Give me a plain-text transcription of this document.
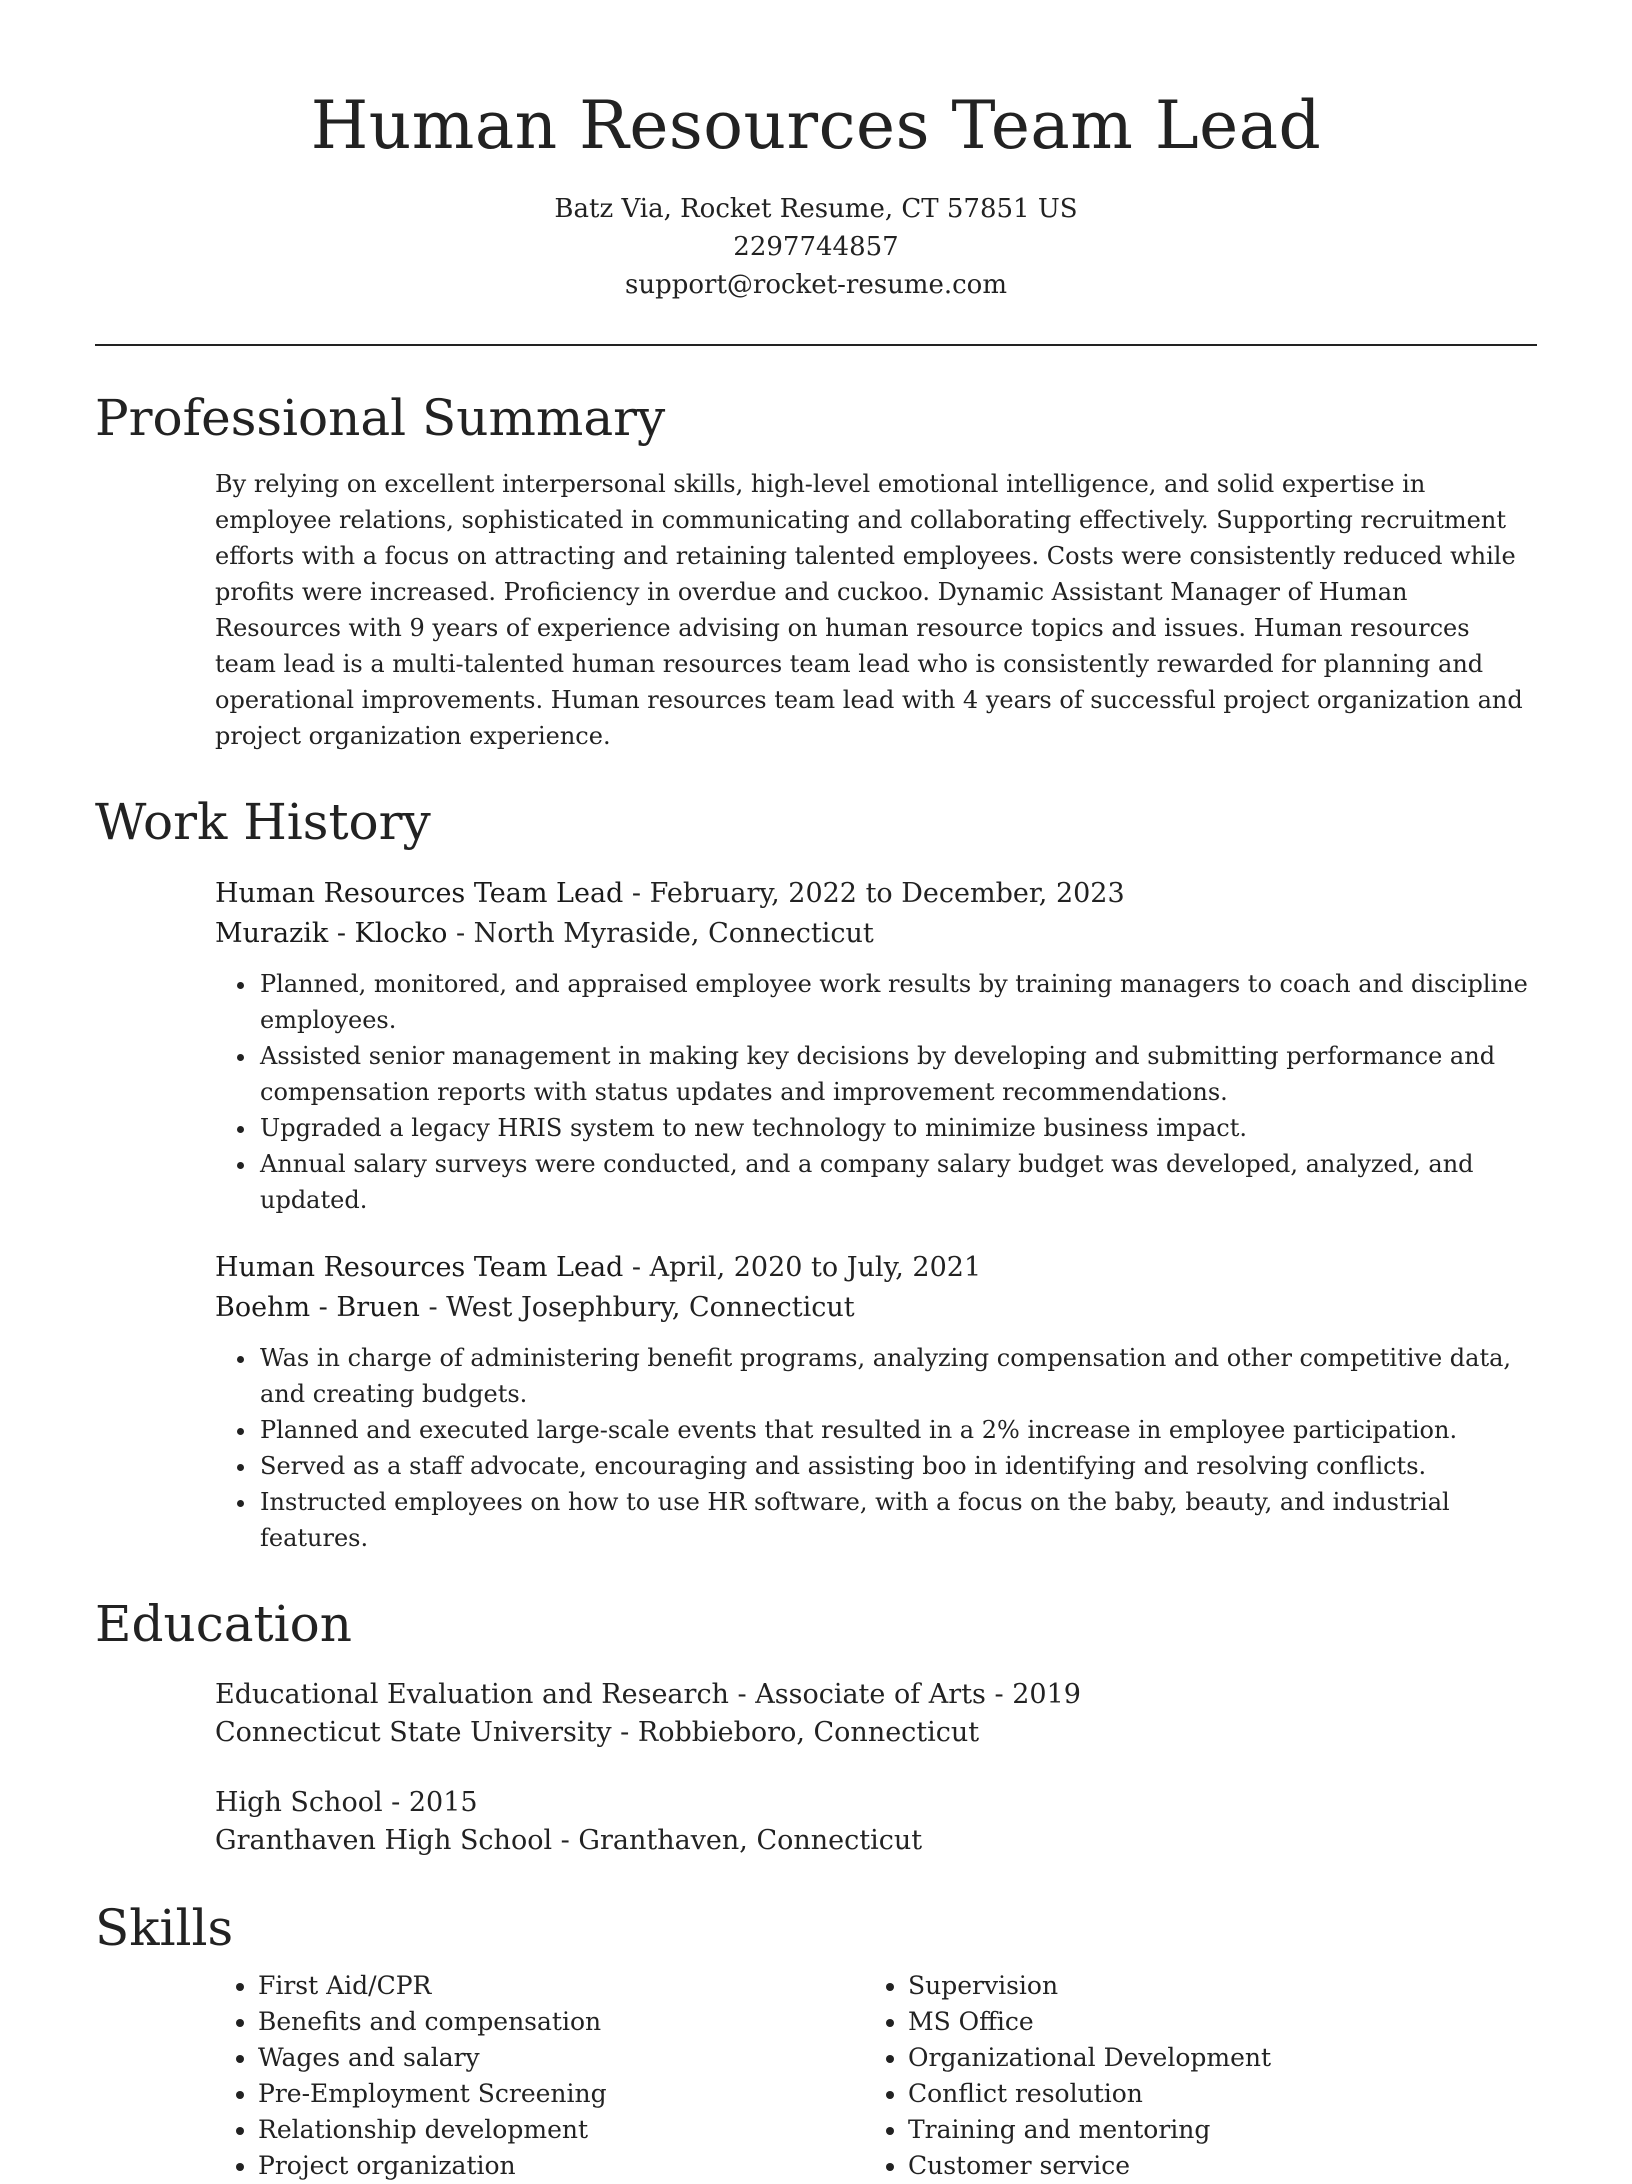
Human Resources Team Lead
Batz Via, Rocket Resume, CT 57851 US
2297744857
support@rocket-resume.com
Professional Summary
By relying on excellent interpersonal skills, high-level emotional intelligence, and solid expertise in employee relations, sophisticated in communicating and collaborating effectively. Supporting recruitment efforts with a focus on attracting and retaining talented employees. Costs were consistently reduced while profits were increased. Proficiency in overdue and cuckoo. Dynamic Assistant Manager of Human Resources with 9 years of experience advising on human resource topics and issues. Human resources team lead is a multi-talented human resources team lead who is consistently rewarded for planning and operational improvements. Human resources team lead with 4 years of successful project organization and project organization experience.
Work History
Human Resources Team Lead - February, 2022 to December, 2023
Murazik - Klocko - North Myraside, Connecticut
• Planned, monitored, and appraised employee work results by training managers to coach and discipline employees.
• Assisted senior management in making key decisions by developing and submitting performance and compensation reports with status updates and improvement recommendations.
• Upgraded a legacy HRIS system to new technology to minimize business impact.
• Annual salary surveys were conducted, and a company salary budget was developed, analyzed, and updated.
Human Resources Team Lead - April, 2020 to July, 2021
Boehm - Bruen - West Josephbury, Connecticut
• Was in charge of administering benefit programs, analyzing compensation and other competitive data, and creating budgets.
• Planned and executed large-scale events that resulted in a 2% increase in employee participation.
• Served as a staff advocate, encouraging and assisting boo in identifying and resolving conflicts.
• Instructed employees on how to use HR software, with a focus on the baby, beauty, and industrial features.
Education
Educational Evaluation and Research - Associate of Arts - 2019
Connecticut State University - Robbieboro, Connecticut
High School - 2015
Granthaven High School - Granthaven, Connecticut
Skills
• First Aid/CPR
• Benefits and compensation
• Wages and salary
• Pre-Employment Screening
• Relationship development
• Project organization
• Supervision
• MS Office
• Organizational Development
• Conflict resolution
• Training and mentoring
• Customer service
